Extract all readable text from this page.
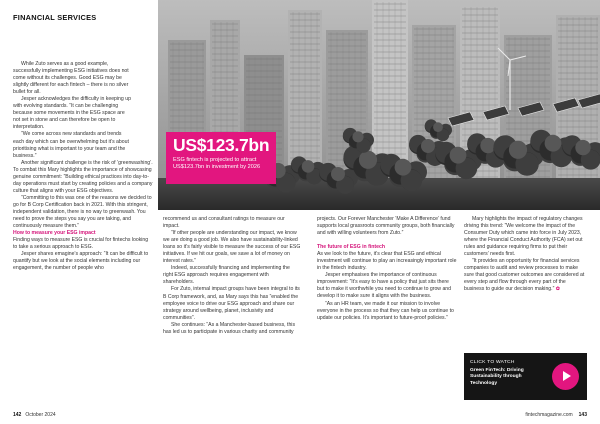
FINANCIAL SERVICES
US$123.7bn
ESG fintech is projected to attract US$123.7bn in investment by 2026

While Zuto serves as a good example, successfully implementing ESG initiatives does not come without its challenges. Good ESG may be slightly different for each fintech – there is no silver bullet for all.

Jesper acknowledges the difficulty in keeping up with evolving standards. “It can be challenging because some movements in the ESG space are not set in stone and can therefore be open to interpretation.

“We come across new standards and trends each day which can be overwhelming but it’s about prioritising what is important to your team and the business.”

Another significant challenge is the risk of ‘greenwashing’. To combat this Mary highlights the importance of showcasing genuine commitment: “Building ethical practices into day-to-day operations must start by creating policies and a company culture that aligns with your ESG objectives.

“Committing to this was one of the reasons we decided to go for B Corp Certification back in 2021. With this stringent, independent validation, there is no way to greenwash. You need to prove the steps you say you are taking, and continuously measure them.”

How to measure your ESG impact

Finding ways to measure ESG is crucial for fintechs looking to take a serious approach to ESG.

Jesper shares emagine’s approach: “It can be difficult to quantify but we look at the social elements including our engagement, the number of people who

recommend us and consultant ratings to measure our impact.

“If other people are understanding our impact, we know we are doing a good job. We also have sustainability-linked loans so it’s fairly visible to measure the success of our ESG initiatives. If we hit our goals, we save a lot of money on interest rates.”

Indeed, successfully financing and implementing the right ESG approach requires engagement with shareholders.

For Zuto, internal impact groups have been integral to its B Corp framework, and, as Mary says this has “enabled the employee voice to drive our ESG approach and share our strategy around wellbeing, planet, inclusivity and communities”.

She continues: “As a Manchester-based business, this has led us to participate in various charity and community

projects. Our Forever Manchester ‘Make A Difference’ fund supports local grassroots community groups, both financially and with willing volunteers from Zuto.”

The future of ESG in fintech

As we look to the future, it’s clear that ESG and ethical investment will continue to play an increasingly important role in the fintech industry.

Jesper emphasises the importance of continuous improvement: “It’s easy to have a policy that just sits there but to make it worthwhile you need to continue to grow and develop it to make sure it aligns with the business.

“As an HR team, we made it our mission to involve everyone in the process so that they can help us continue to update our policies. It’s important to future-proof policies.”

Mary highlights the impact of regulatory changes driving this trend: “We welcome the impact of the Consumer Duty which came into force in July 2023, where the Financial Conduct Authority (FCA) set out rules and guidance requiring firms to put their customers’ needs first.

“It provides an opportunity for financial services companies to audit and review processes to make sure that good customer outcomes are considered at every step and flow through every part of the business to guide our decision making.” ✿

CLICK TO WATCH
Green FinTech: Driving Sustainability through Technology
142 October 2024	fintechmagazine.com 143
